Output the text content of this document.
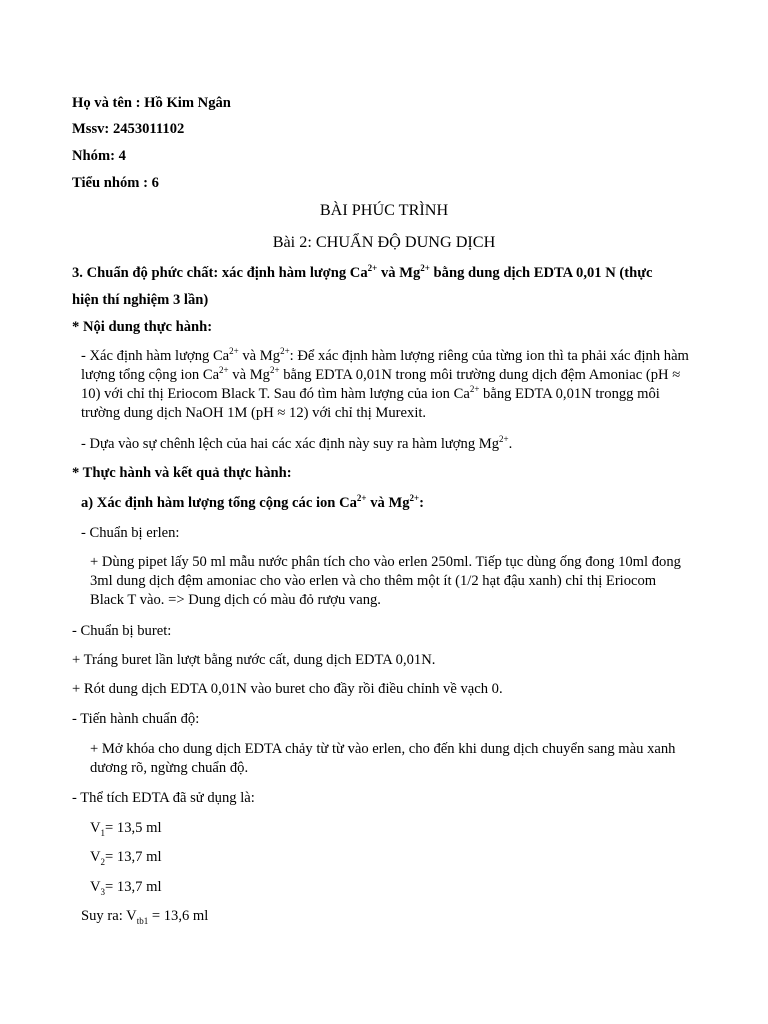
Họ và tên : Hồ Kim Ngân
Mssv: 2453011102
Nhóm: 4
Tiểu nhóm : 6
BÀI PHÚC TRÌNH
Bài 2: CHUẨN ĐỘ DUNG DỊCH
3. Chuẩn độ phức chất: xác định hàm lượng $Ca^{2+}$ và $Mg^{2+}$ bằng dung dịch EDTA 0,01 N (thực
hiện thí nghiệm 3 lần)
* Nội dung thực hành:
- Xác định hàm lượng $Ca^{2+}$ và $Mg^{2+}$: Để xác định hàm lượng riêng của từng ion thì ta phải xác định hàm lượng tổng cộng ion $Ca^{2+}$ và $Mg^{2+}$ bằng EDTA 0,01N trong môi trường dung dịch đệm Amoniac (pH ≈ 10) với chỉ thị Eriocom Black T. Sau đó tìm hàm lượng của ion $Ca^{2+}$ bằng EDTA 0,01N trongg môi trường dung dịch NaOH 1M (pH ≈ 12) với chỉ thị Murexit.
- Dựa vào sự chênh lệch của hai các xác định này suy ra hàm lượng $Mg^{2+}$.
* Thực hành và kết quả thực hành:
a) Xác định hàm lượng tổng cộng các ion $Ca^{2+}$ và $Mg^{2+}$:
- Chuẩn bị erlen:
+ Dùng pipet lấy 50 ml mẫu nước phân tích cho vào erlen 250ml. Tiếp tục dùng ống đong 10ml đong 3ml dung dịch đệm amoniac cho vào erlen và cho thêm một ít (1/2 hạt đậu xanh) chỉ thị Eriocom Black T vào. => Dung dịch có màu đỏ rượu vang.
- Chuẩn bị buret:
+ Tráng buret lần lượt bằng nước cất, dung dịch EDTA 0,01N.
+ Rót dung dịch EDTA 0,01N vào buret cho đầy rồi điều chỉnh về vạch 0.
- Tiến hành chuẩn độ:
+ Mở khóa cho dung dịch EDTA chảy từ từ vào erlen, cho đến khi dung dịch chuyển sang màu xanh dương rõ, ngừng chuẩn độ.
- Thể tích EDTA đã sử dụng là:
$V_1= 13,5$ ml
$V_2= 13,7$ ml
$V_3= 13,7$ ml
Suy ra: $V_{tb1} = 13,6$ ml
